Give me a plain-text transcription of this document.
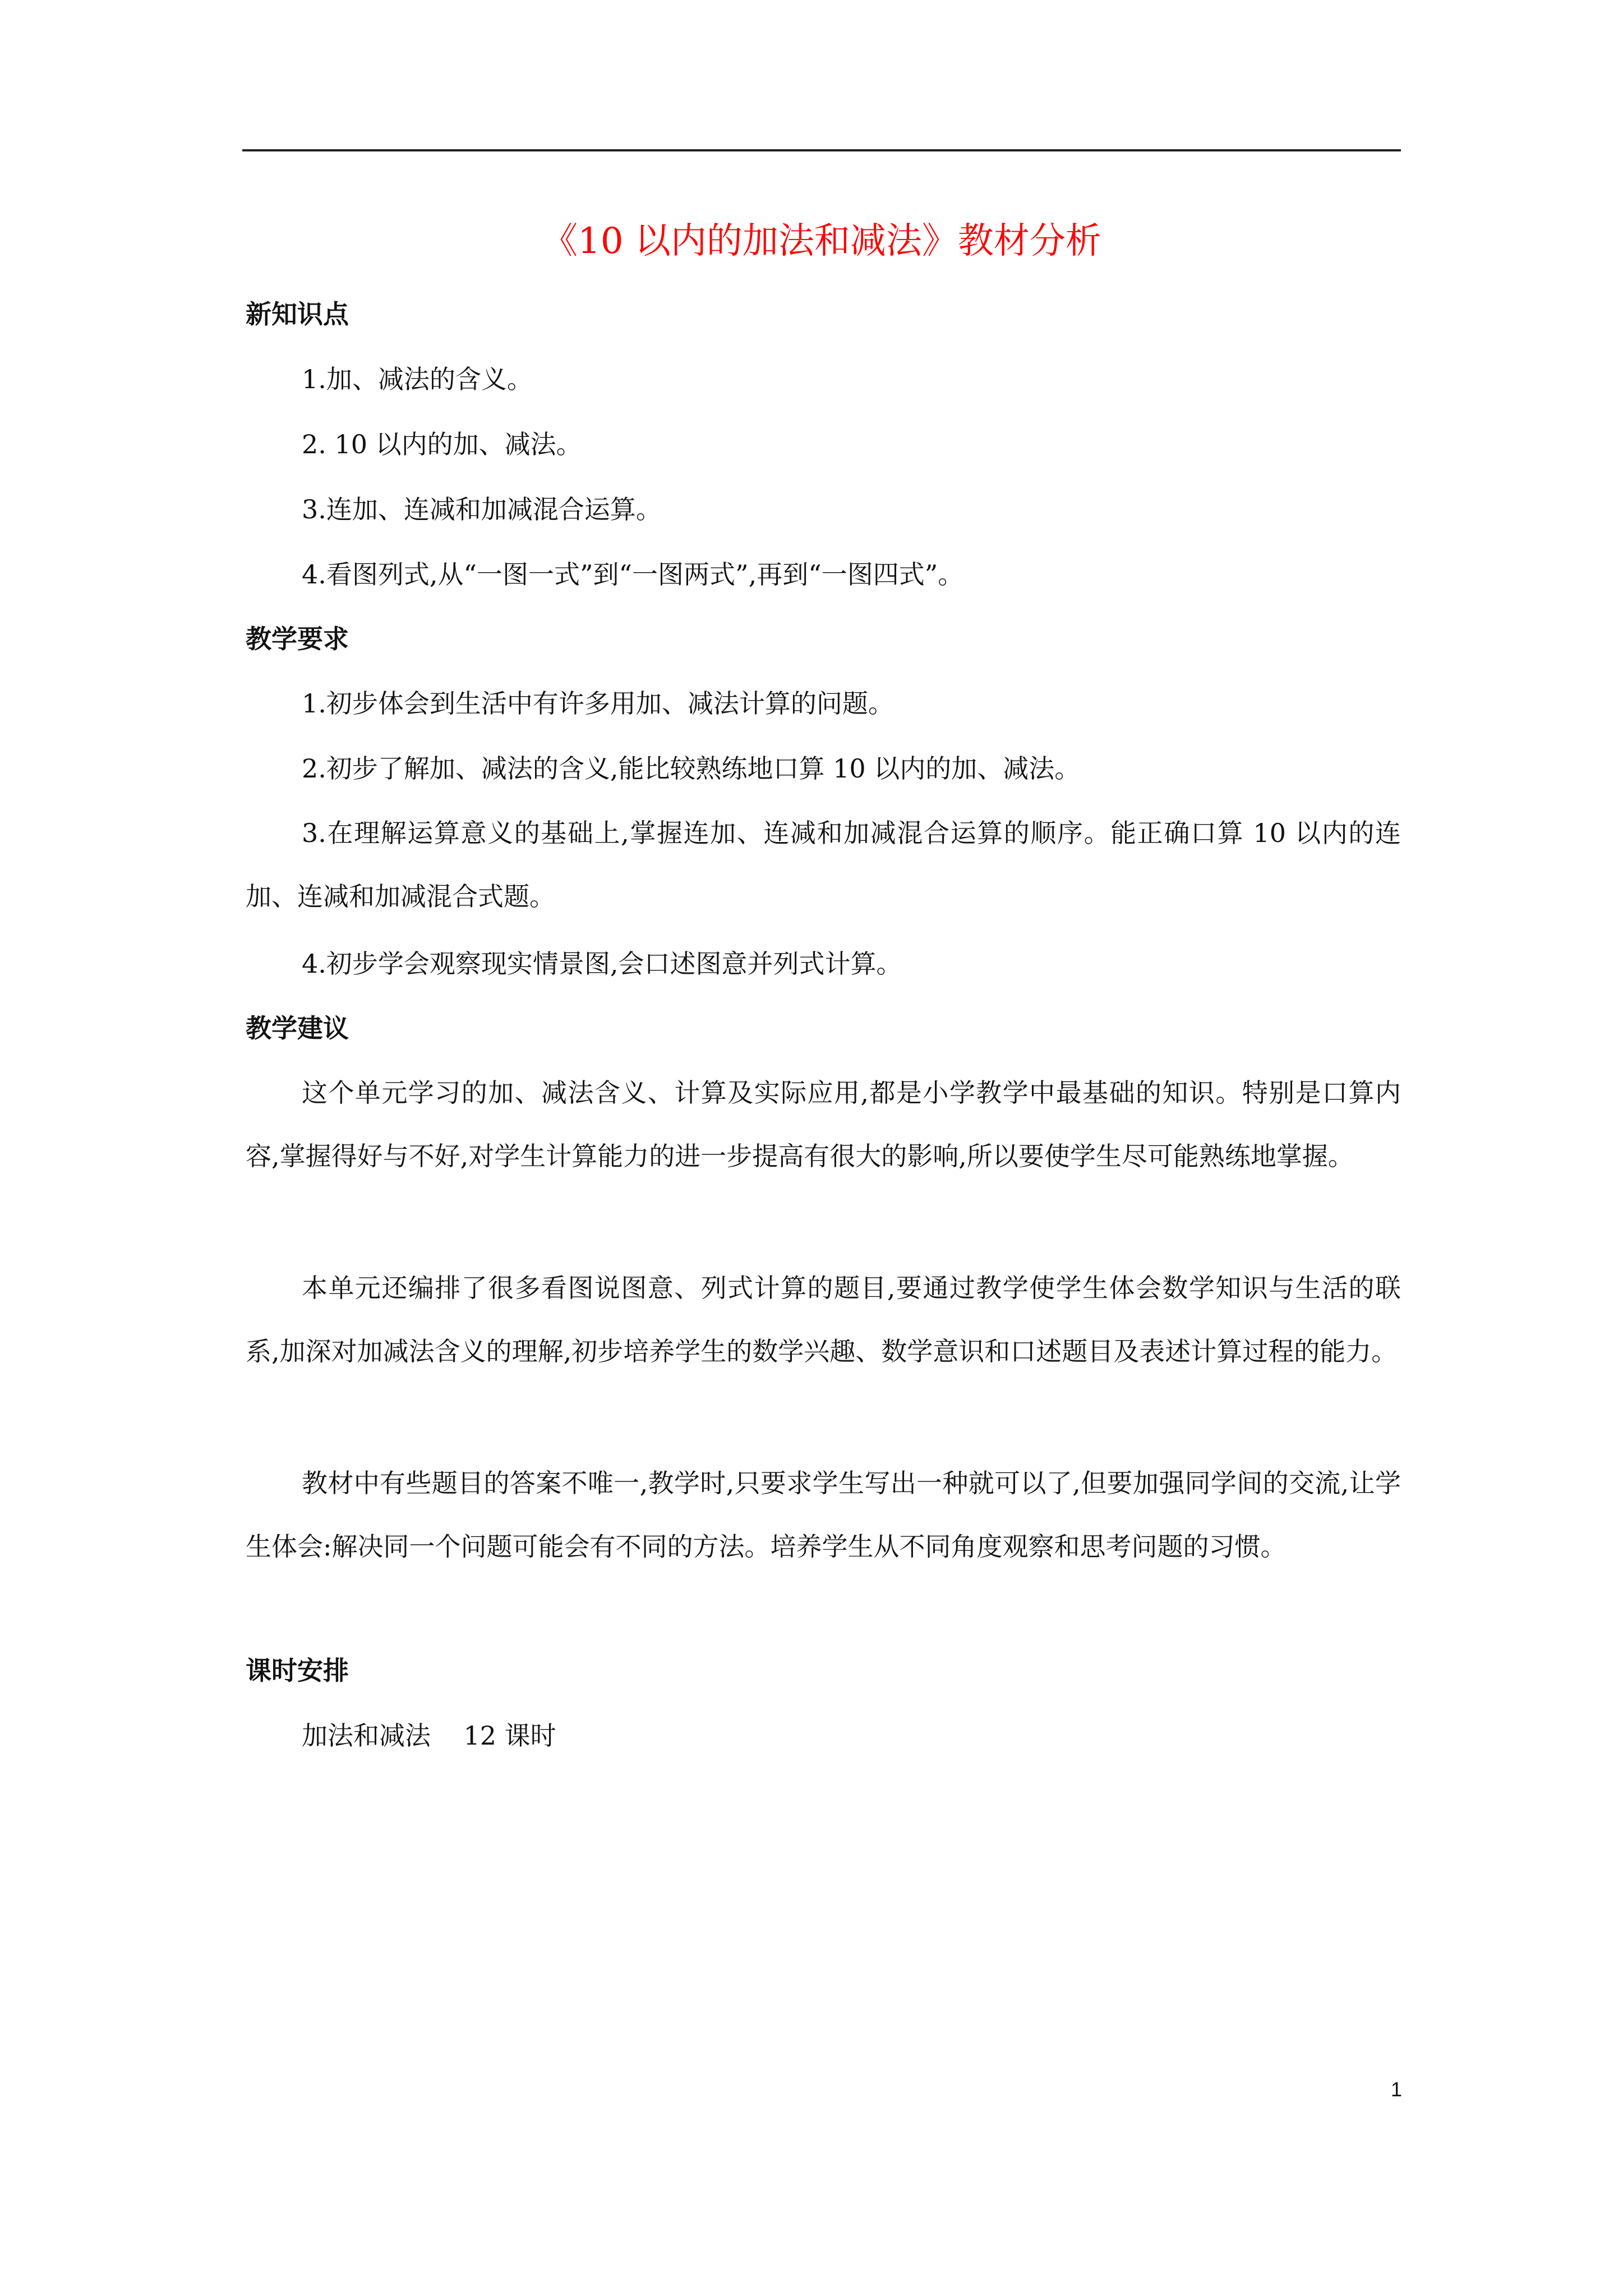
《10 以内的加法和减法》教材分析
新知识点
1.加、减法的含义。
2. 10 以内的加、减法。
3.连加、连减和加减混合运算。
4.看图列式,从“一图一式”到“一图两式”,再到“一图四式”。
教学要求
1.初步体会到生活中有许多用加、减法计算的问题。
2.初步了解加、减法的含义,能比较熟练地口算 10 以内的加、减法。
3.在理解运算意义的基础上,掌握连加、连减和加减混合运算的顺序。能正确口算 10 以内的连加、连减和加减混合式题。
4.初步学会观察现实情景图,会口述图意并列式计算。
教学建议
这个单元学习的加、减法含义、计算及实际应用,都是小学教学中最基础的知识。特别是口算内容,掌握得好与不好,对学生计算能力的进一步提高有很大的影响,所以要使学生尽可能熟练地掌握。
本单元还编排了很多看图说图意、列式计算的题目,要通过教学使学生体会数学知识与生活的联系,加深对加减法含义的理解,初步培养学生的数学兴趣、数学意识和口述题目及表述计算过程的能力。
教材中有些题目的答案不唯一,教学时,只要求学生写出一种就可以了,但要加强同学间的交流,让学生体会:解决同一个问题可能会有不同的方法。培养学生从不同角度观察和思考问题的习惯。
课时安排
加法和减法    12 课时
1
